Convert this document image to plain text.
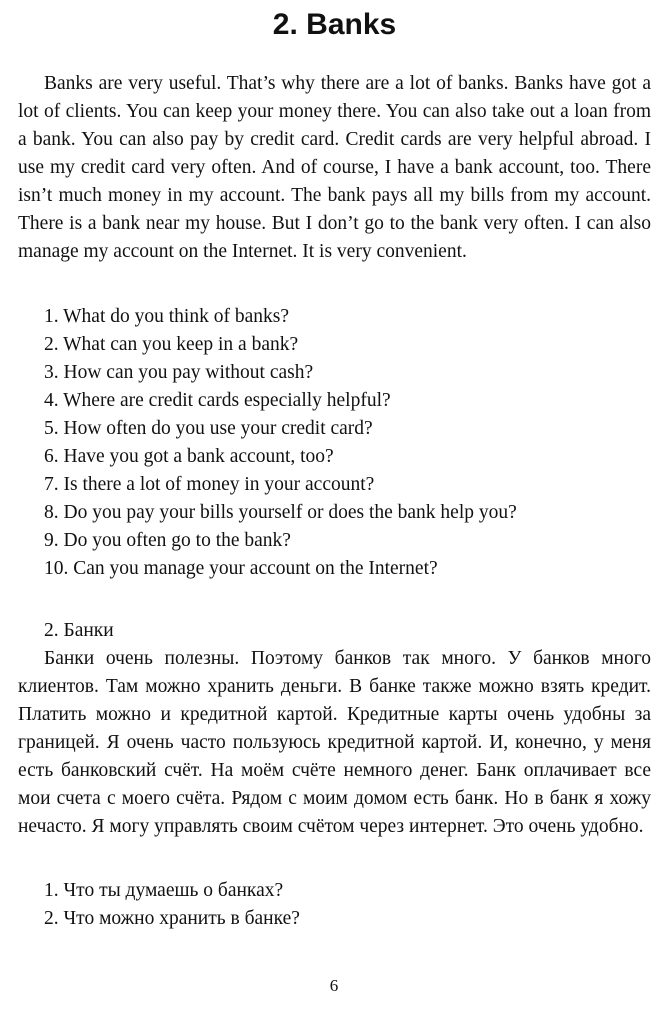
2. Banks

Banks are very useful. That’s why there are a lot of banks. Banks have got a lot of clients. You can keep your money there. You can also take out a loan from a bank. You can also pay by credit card. Credit cards are very helpful abroad. I use my credit card very often. And of course, I have a bank account, too. There isn’t much money in my account. The bank pays all my bills from my account. There is a bank near my house. But I don’t go to the bank very often. I can also manage my account on the Internet. It is very convenient.

1. What do you think of banks?
2. What can you keep in a bank?
3. How can you pay without cash?
4. Where are credit cards especially helpful?
5. How often do you use your credit card?
6. Have you got a bank account, too?
7. Is there a lot of money in your account?
8. Do you pay your bills yourself or does the bank help you?
9. Do you often go to the bank?
10. Can you manage your account on the Internet?

2. Банки

Банки очень полезны. Поэтому банков так много. У банков много клиентов. Там можно хранить деньги. В банке также можно взять кредит. Платить можно и кредитной картой. Кредитные карты очень удобны за границей. Я очень часто пользуюсь кредитной картой. И, конечно, у меня есть банковский счёт. На моём счёте немного денег. Банк оплачивает все мои счета с моего счёта. Рядом с моим домом есть банк. Но в банк я хожу нечасто. Я могу управлять своим счётом через интернет. Это очень удобно.

1. Что ты думаешь о банках?
2. Что можно хранить в банке?
6
